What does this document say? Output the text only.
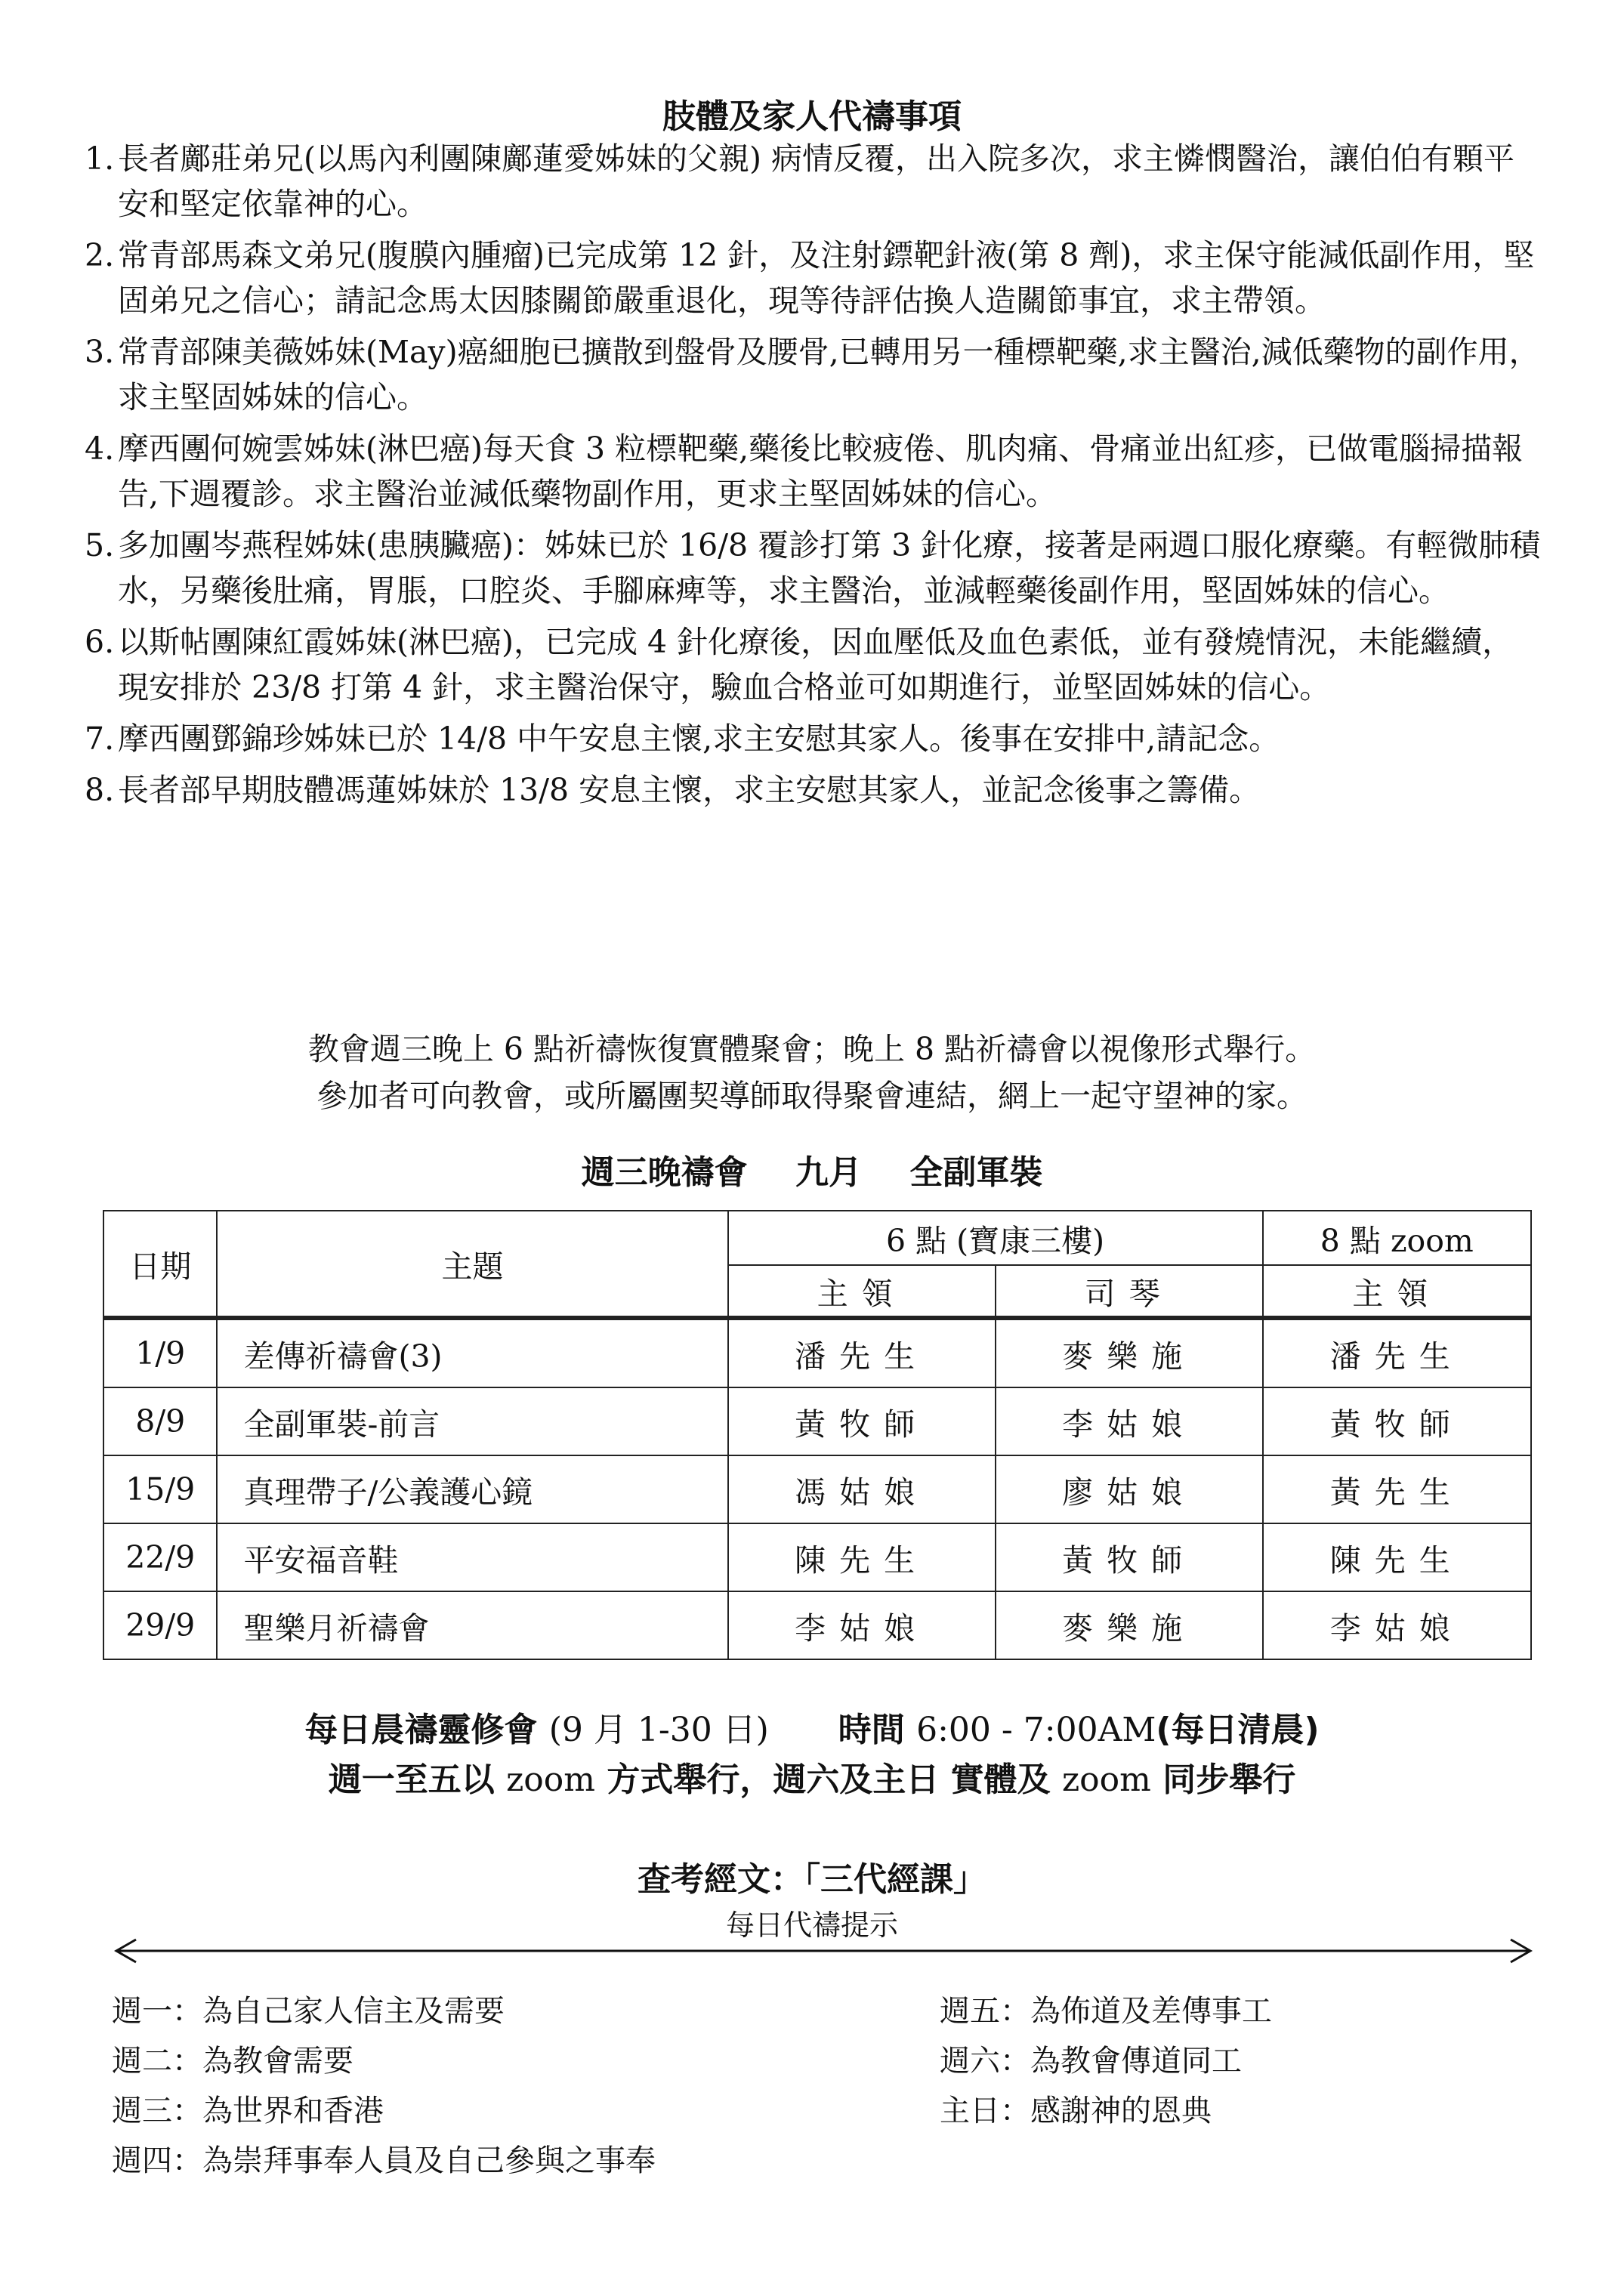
肢體及家人代禱事項
1. 長者鄺莊弟兄(以馬內利團陳鄺蓮愛姊妹的父親) 病情反覆，出入院多次，求主憐憫醫治，讓伯伯有顆平安和堅定依靠神的心。
2. 常青部馬森文弟兄(腹膜內腫瘤)已完成第 12 針，及注射鏢靶針液(第 8 劑)，求主保守能減低副作用，堅固弟兄之信心；請記念馬太因膝關節嚴重退化，現等待評估換人造關節事宜，求主帶領。
3. 常青部陳美薇姊妹(May)癌細胞已擴散到盤骨及腰骨,已轉用另一種標靶藥,求主醫治,減低藥物的副作用，求主堅固姊妹的信心。
4. 摩西團何婉雲姊妹(淋巴癌)每天食 3 粒標靶藥,藥後比較疲倦、肌肉痛、骨痛並出紅疹，已做電腦掃描報告,下週覆診。求主醫治並減低藥物副作用，更求主堅固姊妹的信心。
5. 多加團岑燕程姊妹(患胰臟癌)：姊妹已於 16/8 覆診打第 3 針化療，接著是兩週口服化療藥。有輕微肺積水，另藥後肚痛，胃脹，口腔炎、手腳麻痺等，求主醫治，並減輕藥後副作用，堅固姊妹的信心。
6. 以斯帖團陳紅霞姊妹(淋巴癌)，已完成 4 針化療後，因血壓低及血色素低，並有發燒情況，未能繼續，現安排於 23/8 打第 4 針，求主醫治保守，驗血合格並可如期進行，並堅固姊妹的信心。
7. 摩西團鄧錦珍姊妹已於 14/8 中午安息主懷,求主安慰其家人。後事在安排中,請記念。
8. 長者部早期肢體馮蓮姊妹於 13/8 安息主懷，求主安慰其家人，並記念後事之籌備。
教會週三晚上 6 點祈禱恢復實體聚會；晚上 8 點祈禱會以視像形式舉行。
參加者可向教會，或所屬團契導師取得聚會連結，網上一起守望神的家。
週三晚禱會 九月 全副軍裝
日期	主題	6 點 (寶康三樓)		8 點 zoom
		主領	司琴	主領
1/9	差傳祈禱會(3)	潘先生	麥樂施	潘先生
8/9	全副軍裝-前言	黃牧師	李姑娘	黃牧師
15/9	真理帶子/公義護心鏡	馮姑娘	廖姑娘	黃先生
22/9	平安福音鞋	陳先生	黃牧師	陳先生
29/9	聖樂月祈禱會	李姑娘	麥樂施	李姑娘
每日晨禱靈修會 (9 月 1-30 日) 時間 6:00 - 7:00AM(每日清晨)
週一至五以 zoom 方式舉行，週六及主日 實體及 zoom 同步舉行
查考經文：「三代經課」
每日代禱提示
週一：為自己家人信主及需要
週二：為教會需要
週三：為世界和香港
週四：為崇拜事奉人員及自己參與之事奉
週五：為佈道及差傳事工
週六：為教會傳道同工
主日：感謝神的恩典
